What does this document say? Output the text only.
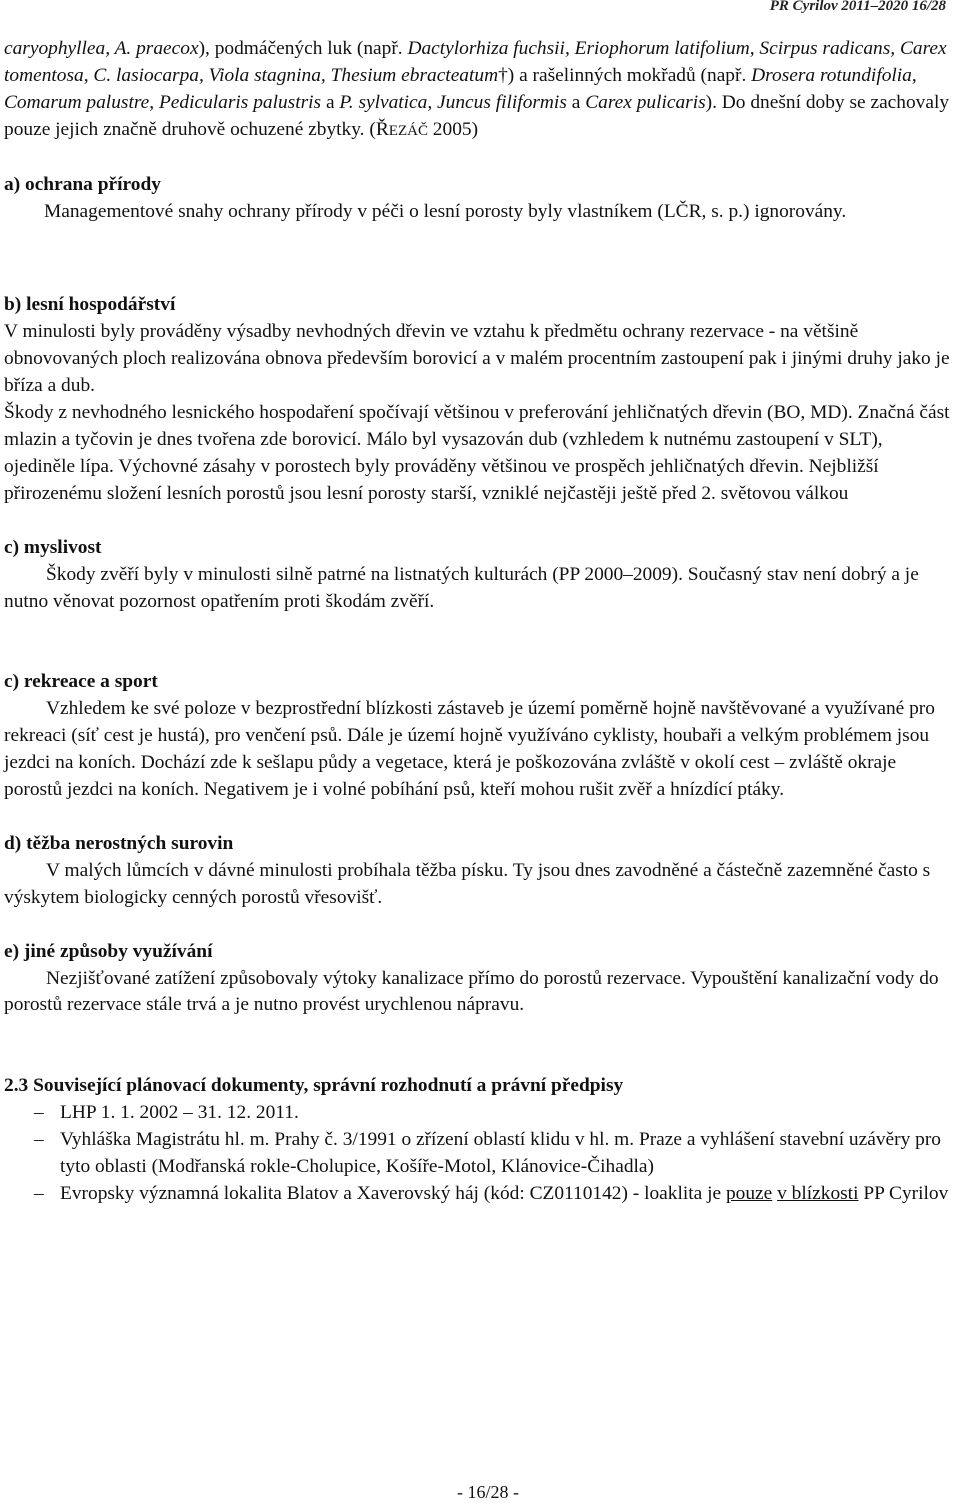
PR Cyrilov 2011–2020 16/28

caryophyllea, A. praecox), podmáčených luk (např. Dactylorhiza fuchsii, Eriophorum latifolium, Scirpus radicans, Carex tomentosa, C. lasiocarpa, Viola stagnina, Thesium ebracteatum†) a rašelinných mokřadů (např. Drosera rotundifolia, Comarum palustre, Pedicularis palustris a P. sylvatica, Juncus filiformis a Carex pulicaris). Do dnešní doby se zachovaly pouze jejich značně druhově ochuzené zbytky. (ŘEZÁČ 2005)

a) ochrana přírody
Managementové snahy ochrany přírody v péči o lesní porosty byly vlastníkem (LČR, s. p.) ignorovány.

b) lesní hospodářství
V minulosti byly prováděny výsadby nevhodných dřevin ve vztahu k předmětu ochrany rezervace - na většině obnovovaných ploch realizována obnova především borovicí a v malém procentním zastoupení pak i jinými druhy jako je bříza a dub.

Škody z nevhodného lesnického hospodaření spočívají většinou v preferování jehličnatých dřevin (BO, MD). Značná část mlazin a tyčovin je dnes tvořena zde borovicí. Málo byl vysazován dub (vzhledem k nutnému zastoupení v SLT), ojediněle lípa. Výchovné zásahy v porostech byly prováděny většinou ve prospěch jehličnatých dřevin. Nejbližší přirozenému složení lesních porostů jsou lesní porosty starší, vzniklé nejčastěji ještě před 2. světovou válkou

c) myslivost
Škody zvěří byly v minulosti silně patrné na listnatých kulturách (PP 2000–2009). Současný stav není dobrý a je nutno věnovat pozornost opatřením proti škodám zvěří.

c) rekreace a sport
Vzhledem ke své poloze v bezprostřední blízkosti zástaveb je území poměrně hojně navštěvované a využívané pro rekreaci (síť cest je hustá), pro venčení psů. Dále je území hojně využíváno cyklisty, houbaři a velkým problémem jsou jezdci na koních. Dochází zde k sešlapu půdy a vegetace, která je poškozována zvláště v okolí cest – zvláště okraje porostů jezdci na koních. Negativem je i volné pobíhání psů, kteří mohou rušit zvěř a hnízdící ptáky.

d) těžba nerostných surovin
V malých lůmcích v dávné minulosti probíhala těžba písku. Ty jsou dnes zavodněné a částečně zazemněné často s výskytem biologicky cenných porostů vřesovišť.

e) jiné způsoby využívání
Nezjišťované zatížení způsobovaly výtoky kanalizace přímo do porostů rezervace. Vypouštění kanalizační vody do porostů rezervace stále trvá a je nutno provést urychlenou nápravu.

2.3 Související plánovací dokumenty, správní rozhodnutí a právní předpisy

– LHP 1. 1. 2002 – 31. 12. 2011.
– Vyhláška Magistrátu hl. m. Prahy č. 3/1991 o zřízení oblastí klidu v hl. m. Praze a vyhlášení stavební uzávěry pro tyto oblasti (Modřanská rokle-Cholupice, Košíře-Motol, Klánovice-Čihadla)
– Evropsky významná lokalita Blatov a Xaverovský háj (kód: CZ0110142) - loaklita je pouze v blízkosti PP Cyrilov
- 16/28 -
